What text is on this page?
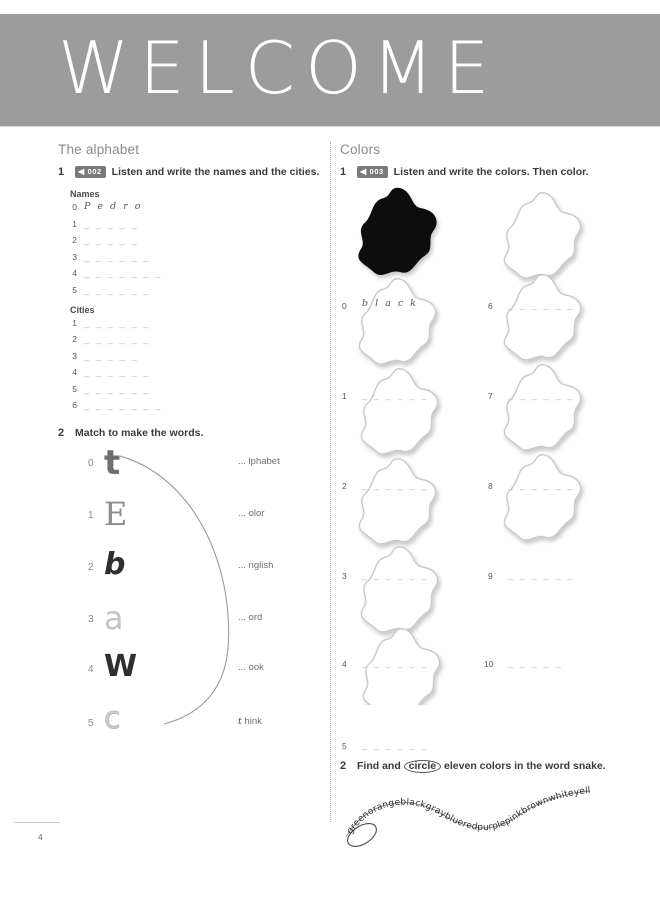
WELCOME
The alphabet
1	◀ 002 Listen and write the names and the cities.
Names
0 P e d r o
1 _ _ _ _ _
2 _ _ _ _ _
3 _ _ _ _ _ _
4 _ _ _ _ _ _ _
5 _ _ _ _ _ _
Cities
1 _ _ _ _ _ _
2 _ _ _ _ _ _
3 _ _ _ _ _
4 _ _ _ _ _ _
5 _ _ _ _ _ _
6 _ _ _ _ _ _ _
2	Match to make the words.
0 t	... lphabet
1 E	... olor
2 b	... nglish
3 a	... ord
4 W	... ook
5 c	t hink
Colors
1	◀ 003 Listen and write the colors. Then color.
0 b l a c k
1 _ _ _ _ _ _
2 _ _ _ _ _ _
3 _ _ _ _ _ _
4 _ _ _ _ _ _
5 _ _ _ _ _ _
6 _ _ _ _ _ _
7 _ _ _ _ _ _
8 _ _ _ _ _ _
9 _ _ _ _ _ _
10 _ _ _ _ _
2	Find and circle eleven colors in the word snake.
greenorangeblackgrayblueredpurplepinkbrownwhiteyell
4
